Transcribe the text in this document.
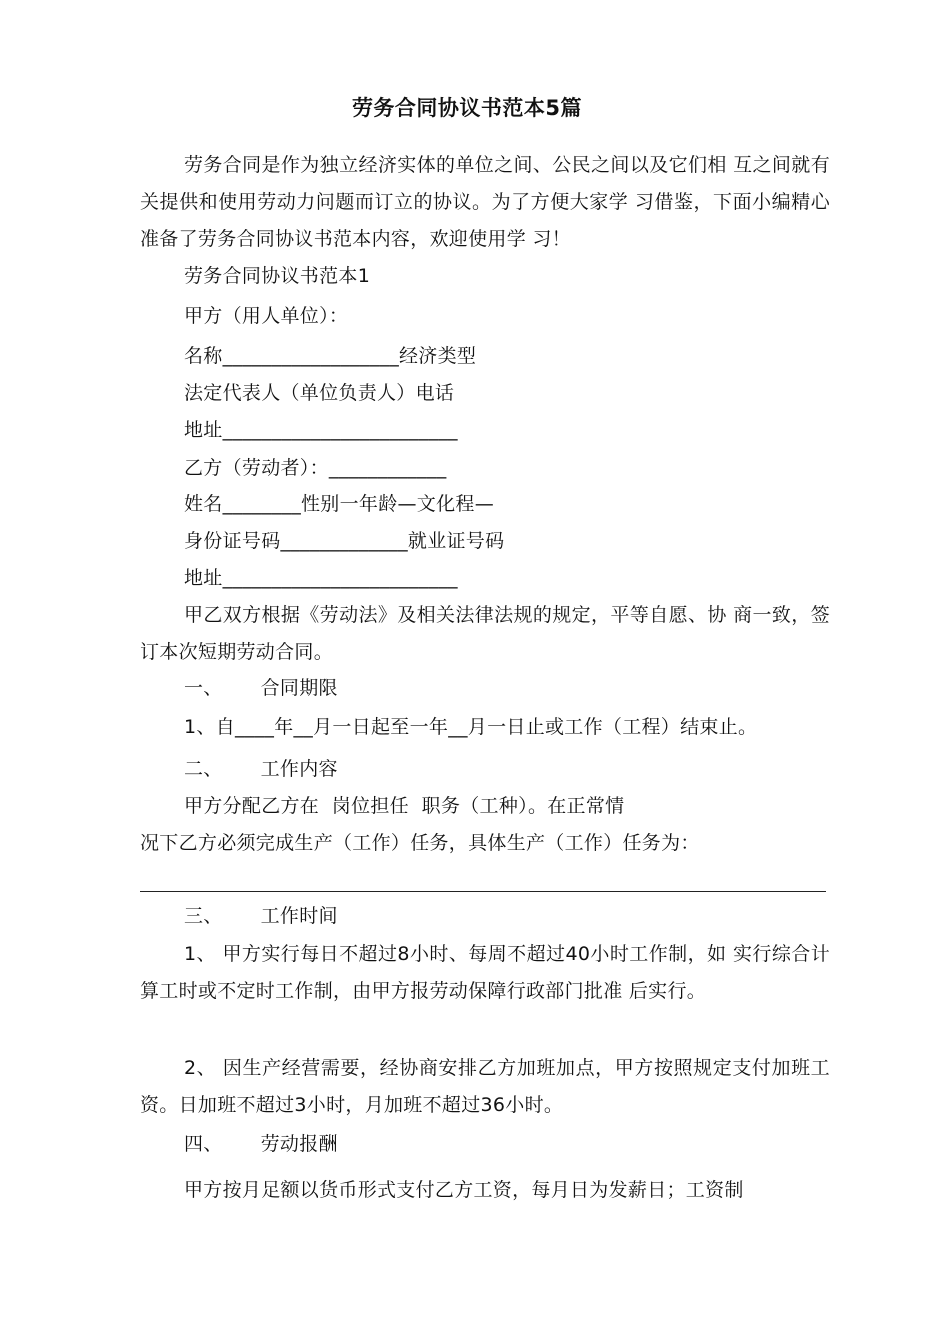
劳务合同协议书范本5篇
劳务合同是作为独立经济实体的单位之间、公民之间以及它们相 互之间就有关提供和使用劳动力问题而订立的协议。为了方便大家学 习借鉴，下面小编精心准备了劳务合同协议书范本内容，欢迎使用学 习！
劳务合同协议书范本1
甲方（用人单位）：
名称__________________经济类型
法定代表人（单位负责人）电话
地址________________________
乙方（劳动者）：____________
姓名________性别一年龄—文化程—
身份证号码_____________就业证号码
地址________________________
甲乙双方根据《劳动法》及相关法律法规的规定，平等自愿、协 商一致，签订本次短期劳动合同。
一、      合同期限
1、自____年__月一日起至一年__月一日止或工作（工程）结束止。
二、      工作内容
甲方分配乙方在  岗位担任  职务（工种）。在正常情
况下乙方必须完成生产（工作）任务，具体生产（工作）任务为：
三、      工作时间
1、 甲方实行每日不超过8小时、每周不超过40小时工作制，如 实行综合计算工时或不定时工作制，由甲方报劳动保障行政部门批准 后实行。
2、 因生产经营需要，经协商安排乙方加班加点，甲方按照规定支付加班工资。日加班不超过3小时，月加班不超过36小时。
四、      劳动报酬
甲方按月足额以货币形式支付乙方工资，每月日为发薪日；工资制
